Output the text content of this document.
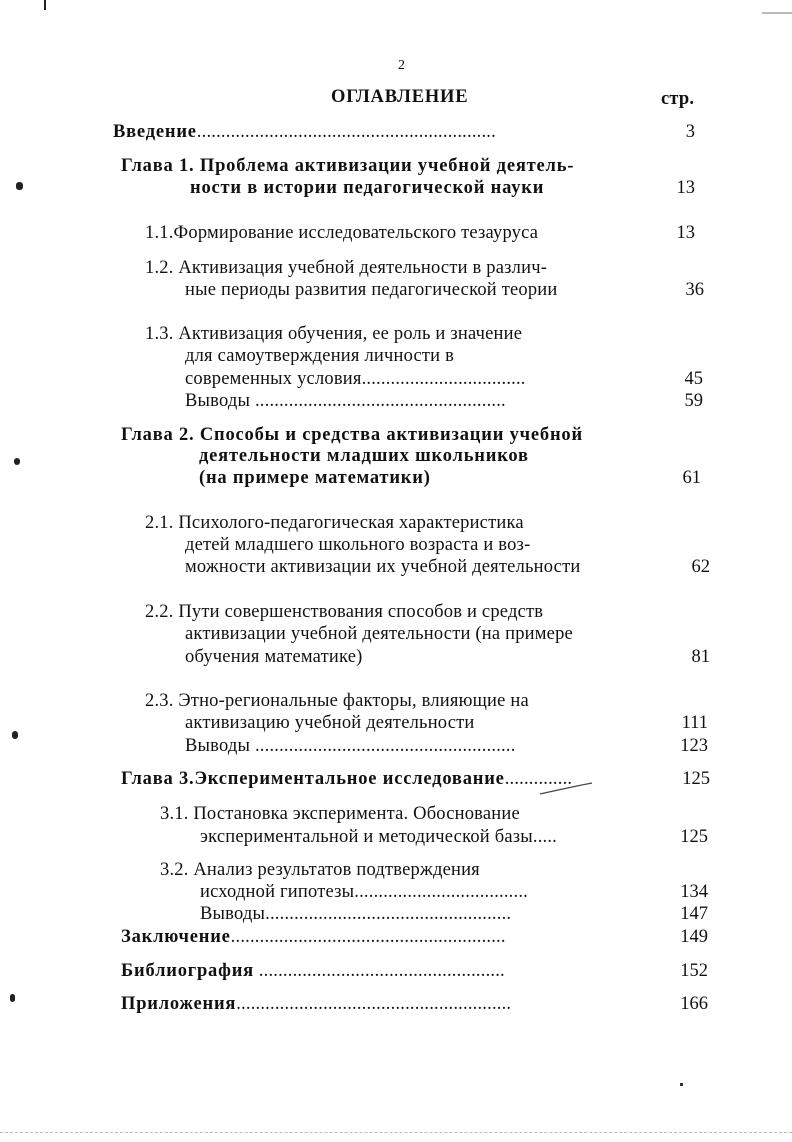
2
ОГЛАВЛЕНИЕ	стр.
Введение..............................................................	3
Глава 1. Проблема активизации учебной деятель-
ности в истории педагогической науки	13
1.1.Формирование исследовательского тезауруса	13
1.2. Активизация учебной деятельности в различ-
ные периоды развития педагогической теории	36
1.3. Активизация обучения, ее роль и значение
для самоутверждения личности в
современных условия..................................	45
Выводы ....................................................	59
Глава 2. Способы и средства активизации учебной
деятельности младших школьников
(на примере математики)	61
2.1. Психолого-педагогическая характеристика
детей младшего школьного возраста и воз-
можности активизации их учебной деятельности	62
2.2. Пути совершенствования способов и средств
активизации учебной деятельности (на примере
обучения математике)	81
2.3. Этно-региональные факторы, влияющие на
активизацию учебной деятельности	111
Выводы ......................................................	123
Глава 3.Экспериментальное исследование..............	125
3.1. Постановка эксперимента. Обоснование
экспериментальной и методической базы.....	125
3.2. Анализ результатов подтверждения
исходной гипотезы....................................	134
Выводы...................................................	147
Заключение.........................................................	149
Библиография ...................................................	152
Приложения.........................................................	166
